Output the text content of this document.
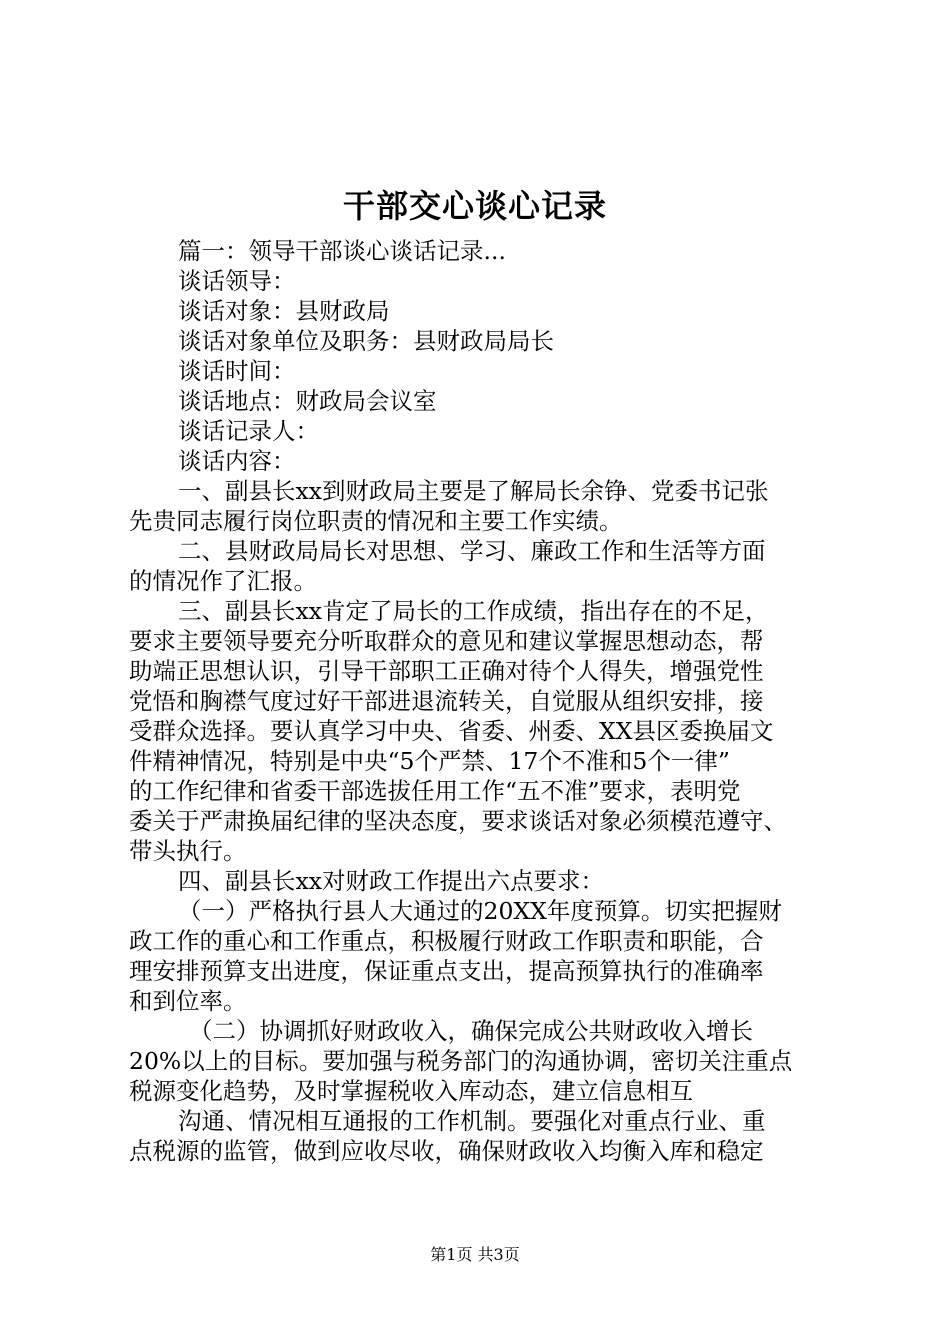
干部交心谈心记录
篇一：领导干部谈心谈话记录...
谈话领导：
谈话对象：县财政局
谈话对象单位及职务：县财政局局长
谈话时间：
谈话地点：财政局会议室
谈话记录人：
谈话内容：
一、副县长xx到财政局主要是了解局长余铮、党委书记张
先贵同志履行岗位职责的情况和主要工作实绩。
二、县财政局局长对思想、学习、廉政工作和生活等方面
的情况作了汇报。
三、副县长xx肯定了局长的工作成绩，指出存在的不足，
要求主要领导要充分听取群众的意见和建议掌握思想动态，帮
助端正思想认识，引导干部职工正确对待个人得失，增强党性
党悟和胸襟气度过好干部进退流转关，自觉服从组织安排，接
受群众选择。要认真学习中央、省委、州委、XX县区委换届文
件精神情况，特别是中央“5个严禁、17个不准和5个一律”
的工作纪律和省委干部选拔任用工作“五不准”要求，表明党
委关于严肃换届纪律的坚决态度，要求谈话对象必须模范遵守、
带头执行。
四、副县长xx对财政工作提出六点要求：
（一）严格执行县人大通过的20XX年度预算。切实把握财
政工作的重心和工作重点，积极履行财政工作职责和职能，合
理安排预算支出进度，保证重点支出，提高预算执行的准确率
和到位率。
（二）协调抓好财政收入，确保完成公共财政收入增长
20%以上的目标。要加强与税务部门的沟通协调，密切关注重点
税源变化趋势，及时掌握税收入库动态，建立信息相互
沟通、情况相互通报的工作机制。要强化对重点行业、重
点税源的监管，做到应收尽收，确保财政收入均衡入库和稳定
第1页 共3页
